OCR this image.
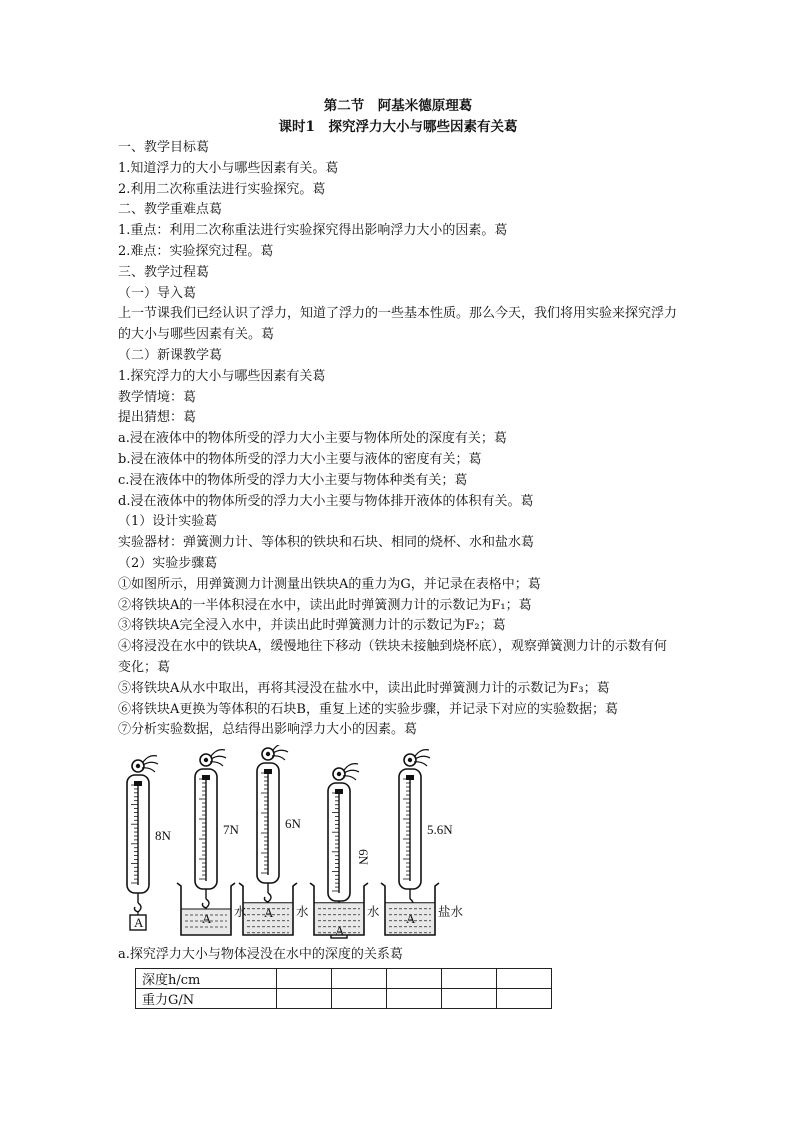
第二节　阿基米德原理葛
课时1　探究浮力大小与哪些因素有关葛
一、教学目标葛
1.知道浮力的大小与哪些因素有关。葛
2.利用二次称重法进行实验探究。葛
二、教学重难点葛
1.重点：利用二次称重法进行实验探究得出影响浮力大小的因素。葛
2.难点：实验探究过程。葛
三、教学过程葛
（一）导入葛
上一节课我们已经认识了浮力，知道了浮力的一些基本性质。那么今天，我们将用实验来探究浮力的大小与哪些因素有关。葛
（二）新课教学葛
1.探究浮力的大小与哪些因素有关葛
教学情境：葛
提出猜想：葛
a.浸在液体中的物体所受的浮力大小主要与物体所处的深度有关；葛
b.浸在液体中的物体所受的浮力大小主要与液体的密度有关；葛
c.浸在液体中的物体所受的浮力大小主要与物体种类有关；葛
d.浸在液体中的物体所受的浮力大小主要与物体排开液体的体积有关。葛
（1）设计实验葛
实验器材：弹簧测力计、等体积的铁块和石块、相同的烧杯、水和盐水葛
（2）实验步骤葛
①如图所示，用弹簧测力计测量出铁块A的重力为G，并记录在表格中；葛
②将铁块A的一半体积浸在水中，读出此时弹簧测力计的示数记为F₁；葛
③将铁块A完全浸入水中，并读出此时弹簧测力计的示数记为F₂；葛
④将浸没在水中的铁块A，缓慢地往下移动（铁块未接触到烧杯底），观察弹簧测力计的示数有何变化；葛
⑤将铁块A从水中取出，再将其浸没在盐水中，读出此时弹簧测力计的示数记为F₃；葛
⑥将铁块A更换为等体积的石块B，重复上述的实验步骤，并记录下对应的实验数据；葛
⑦分析实验数据，总结得出影响浮力大小的因素。葛
8N
A
7N
A 水
6N
A 水
6N
A
水
5.6N
A 盐水
a.探究浮力大小与物体浸没在水中的深度的关系葛
深度h/cm					
重力G/N					
